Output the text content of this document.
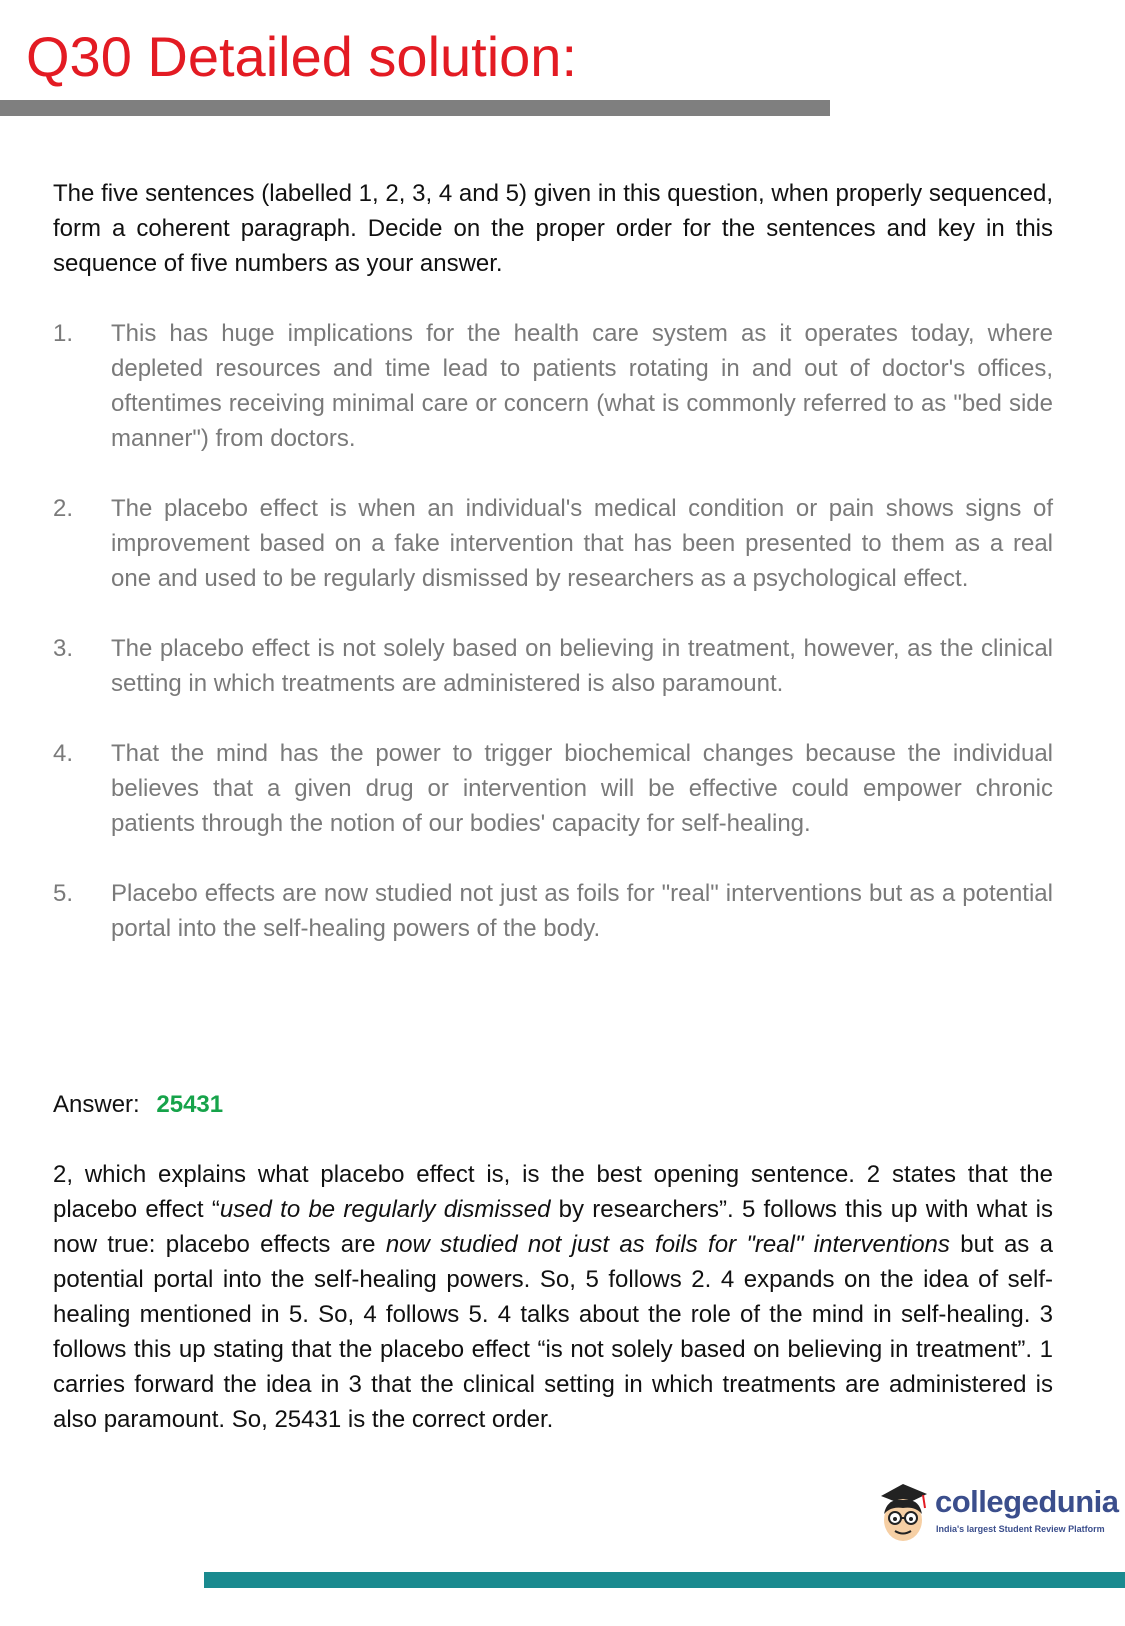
Q30 Detailed solution:

The five sentences (labelled 1, 2, 3, 4 and 5) given in this question, when properly sequenced, form a coherent paragraph. Decide on the proper order for the sentences and key in this sequence of five numbers as your answer.

1. This has huge implications for the health care system as it operates today, where depleted resources and time lead to patients rotating in and out of doctor's offices, oftentimes receiving minimal care or concern (what is commonly referred to as "bed side manner") from doctors.
2. The placebo effect is when an individual's medical condition or pain shows signs of improvement based on a fake intervention that has been presented to them as a real one and used to be regularly dismissed by researchers as a psychological effect.
3. The placebo effect is not solely based on believing in treatment, however, as the clinical setting in which treatments are administered is also paramount.
4. That the mind has the power to trigger biochemical changes because the individual believes that a given drug or intervention will be effective could empower chronic patients through the notion of our bodies' capacity for self-healing.
5. Placebo effects are now studied not just as foils for "real" interventions but as a potential portal into the self-healing powers of the body.
Answer: 25431

2, which explains what placebo effect is, is the best opening sentence. 2 states that the placebo effect “used to be regularly dismissed by researchers”. 5 follows this up with what is now true: placebo effects are now studied not just as foils for "real" interventions but as a potential portal into the self-healing powers. So, 5 follows 2. 4 expands on the idea of self-healing mentioned in 5. So, 4 follows 5. 4 talks about the role of the mind in self-healing. 3 follows this up stating that the placebo effect “is not solely based on believing in treatment”. 1 carries forward the idea in 3 that the clinical setting in which treatments are administered is also paramount. So, 25431 is the correct order.

collegedunia
India's largest Student Review Platform
